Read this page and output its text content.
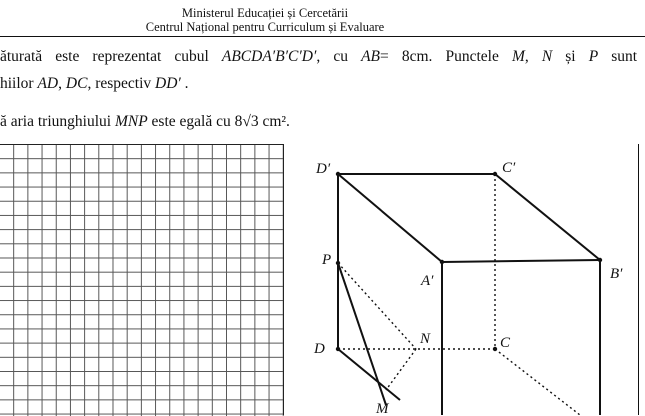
Ministerul Educației și Cercetării
Centrul Național pentru Curriculum și Evaluare
ăturată este reprezentat cubul ABCDA′B′C′D′, cu AB= 8cm. Punctele M, N și P sunt
hiilor AD, DC, respectiv DD′ .
ă aria triunghiului MNP este egală cu 8√3 cm².
D′	C′
A′	B′
P
N
D	C
M
